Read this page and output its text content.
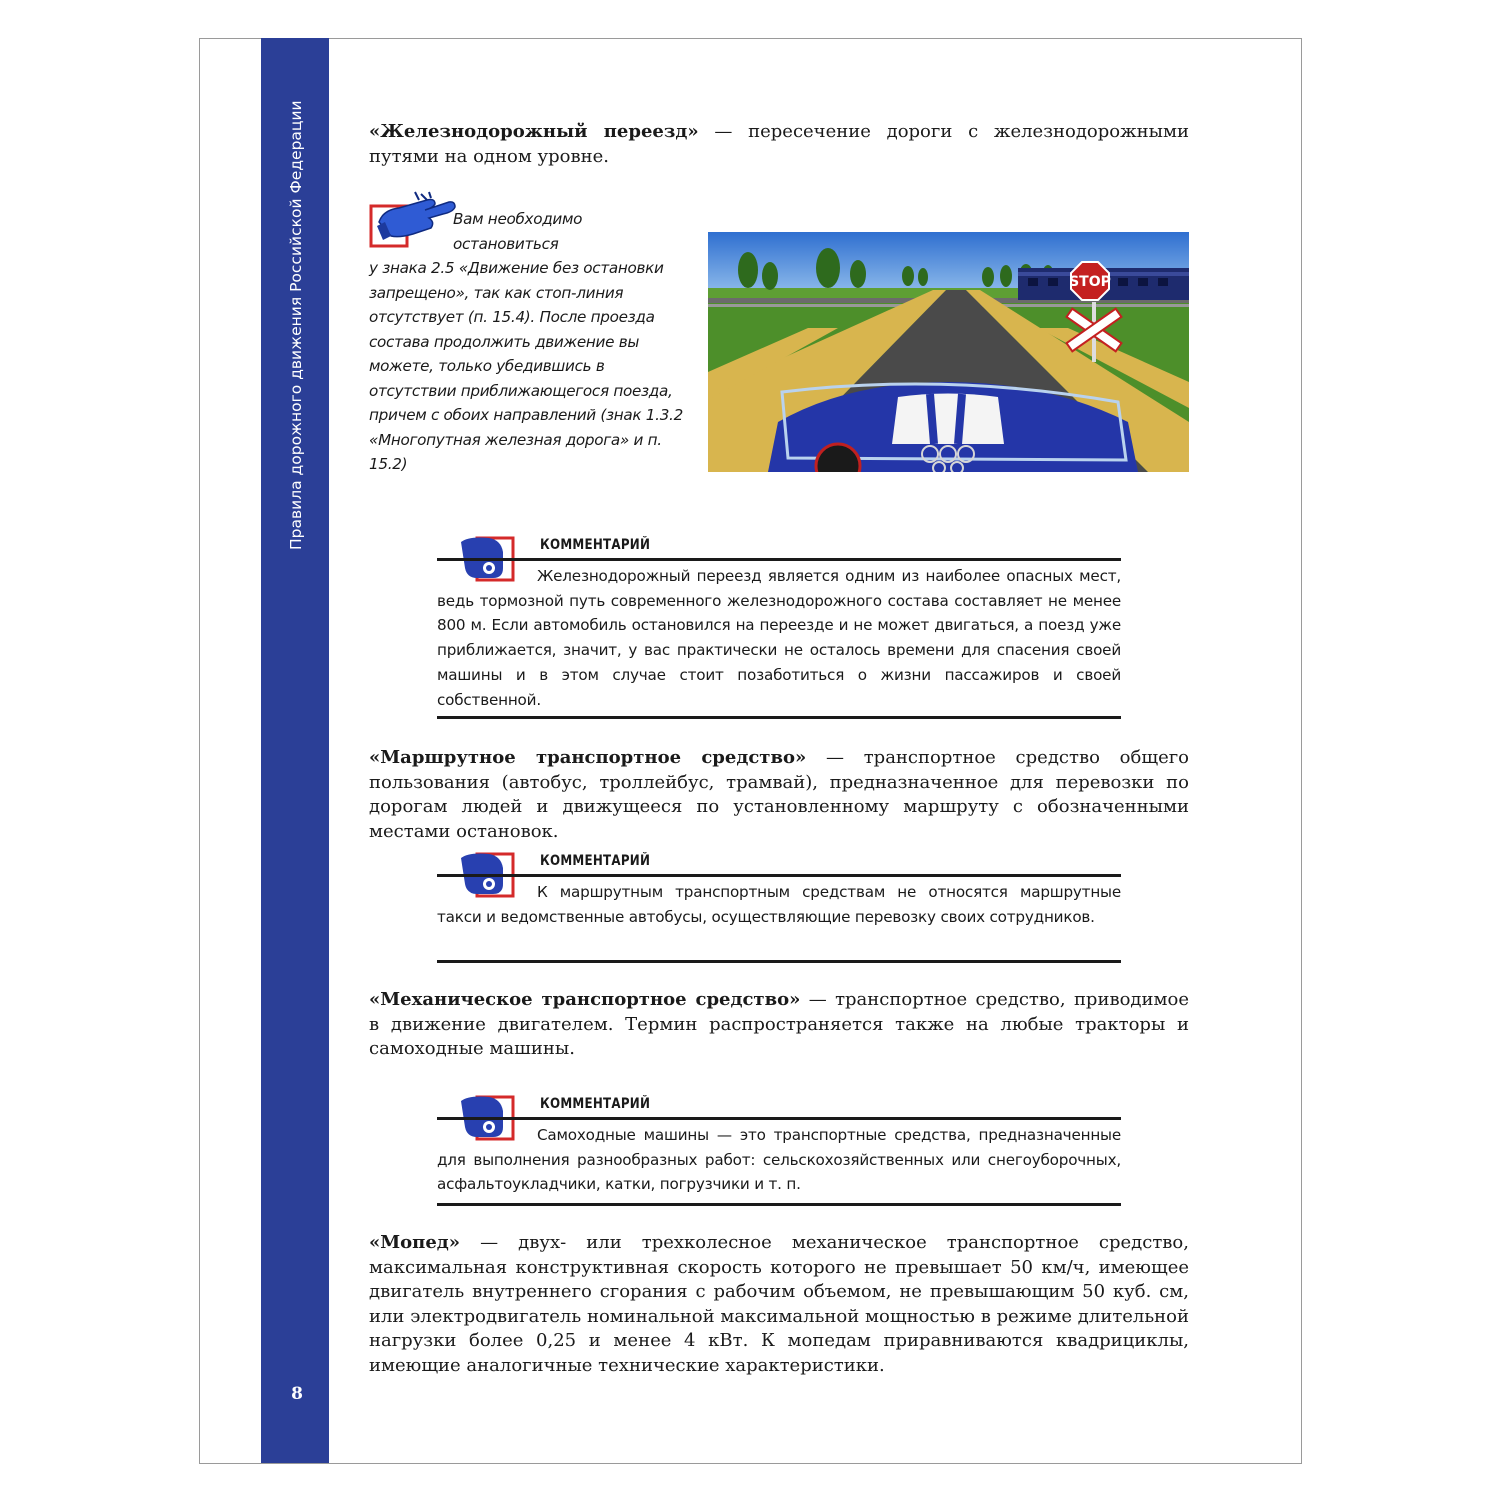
Правила дорожного движения Российской Федерации
8
«Железнодорожный переезд» — пересечение дороги с железнодорожными путями на одном уровне.
Вам необходимо остановиться
у знака 2.5 «Движение без остановки запрещено», так как стоп-линия отсутствует (п. 15.4). После проезда состава продолжить движение вы можете, только убедившись в отсутствии приближающегося поезда, причем с обоих направлений (знак 1.3.2 «Многопутная железная дорога» и п. 15.2)
STOP
КОММЕНТАРИЙ
Железнодорожный переезд является одним из наиболее опасных мест, ведь тормозной путь современного железнодорожного состава составляет не менее 800 м. Если автомобиль остановился на переезде и не может двигаться, а поезд уже приближается, значит, у вас практически не осталось времени для спасения своей машины и в этом случае стоит позаботиться о жизни пассажиров и своей собственной.
«Маршрутное транспортное средство» — транспортное средство общего пользования (автобус, троллейбус, трамвай), предназначенное для перевозки по дорогам людей и движущееся по установленному маршруту с обозначенными местами остановок.
КОММЕНТАРИЙ
К маршрутным транспортным средствам не относятся маршрутные такси и ведомственные автобусы, осуществляющие перевозку своих сотрудников.
«Механическое транспортное средство» — транспортное средство, приводимое в движение двигателем. Термин распространяется также на любые тракторы и самоходные машины.
КОММЕНТАРИЙ
Самоходные машины — это транспортные средства, предназначенные для выполнения разнообразных работ: сельскохозяйственных или снегоуборочных, асфальтоукладчики, катки, погрузчики и т. п.
«Мопед» — двух- или трехколесное механическое транспортное средство, максимальная конструктивная скорость которого не превышает 50 км/ч, имеющее двигатель внутреннего сгорания с рабочим объемом, не превышающим 50 куб. см, или электродвигатель номинальной максимальной мощностью в режиме длительной нагрузки более 0,25 и менее 4 кВт. К мопедам приравниваются квадрициклы, имеющие аналогичные технические характеристики.
